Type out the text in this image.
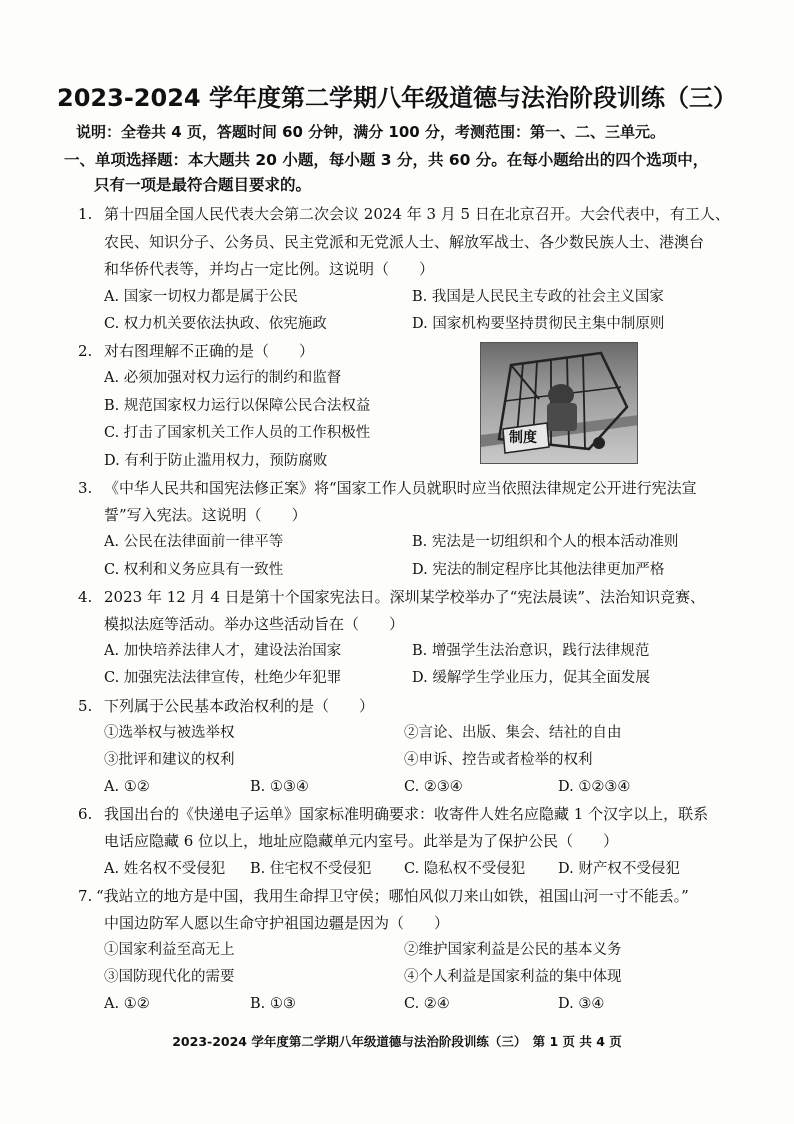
2023-2024 学年度第二学期八年级道德与法治阶段训练（三）
说明：全卷共 4 页，答题时间 60 分钟，满分 100 分，考测范围：第一、二、三单元。
一、单项选择题：本大题共 20 小题，每小题 3 分，共 60 分。在每小题给出的四个选项中，
只有一项是最符合题目要求的。
1. 第十四届全国人民代表大会第二次会议 2024 年 3 月 5 日在北京召开。大会代表中，有工人、
农民、知识分子、公务员、民主党派和无党派人士、解放军战士、各少数民族人士、港澳台
和华侨代表等，并均占一定比例。这说明（　　）
A. 国家一切权力都是属于公民	B. 我国是人民民主专政的社会主义国家
C. 权力机关要依法执政、依宪施政	D. 国家机构要坚持贯彻民主集中制原则
2. 对右图理解不正确的是（　　）
A. 必须加强对权力运行的制约和监督
B. 规范国家权力运行以保障公民合法权益
C. 打击了国家机关工作人员的工作积极性
D. 有利于防止滥用权力，预防腐败
制度
3. 《中华人民共和国宪法修正案》将“国家工作人员就职时应当依照法律规定公开进行宪法宣
誓”写入宪法。这说明（　　）
A. 公民在法律面前一律平等	B. 宪法是一切组织和个人的根本活动准则
C. 权利和义务应具有一致性	D. 宪法的制定程序比其他法律更加严格
4. 2023 年 12 月 4 日是第十个国家宪法日。深圳某学校举办了“宪法晨读”、法治知识竞赛、
模拟法庭等活动。举办这些活动旨在（　　）
A. 加快培养法律人才，建设法治国家	B. 增强学生法治意识，践行法律规范
C. 加强宪法法律宣传，杜绝少年犯罪	D. 缓解学生学业压力，促其全面发展
5. 下列属于公民基本政治权利的是（　　）
①选举权与被选举权	②言论、出版、集会、结社的自由
③批评和建议的权利	④申诉、控告或者检举的权利
A. ①②	B. ①③④	C. ②③④	D. ①②③④
6. 我国出台的《快递电子运单》国家标准明确要求：收寄件人姓名应隐藏 1 个汉字以上，联系
电话应隐藏 6 位以上，地址应隐藏单元内室号。此举是为了保护公民（　　）
A. 姓名权不受侵犯 B. 住宅权不受侵犯 C. 隐私权不受侵犯 D. 财产权不受侵犯
7. “我站立的地方是中国，我用生命捍卫守侯；哪怕风似刀来山如铁，祖国山河一寸不能丢。”
中国边防军人愿以生命守护祖国边疆是因为（　　）
①国家利益至高无上	②维护国家利益是公民的基本义务
③国防现代化的需要	④个人利益是国家利益的集中体现
A. ①②	B. ①③	C. ②④	D. ③④
2023-2024 学年度第二学期八年级道德与法治阶段训练（三）　第 1 页 共 4 页
